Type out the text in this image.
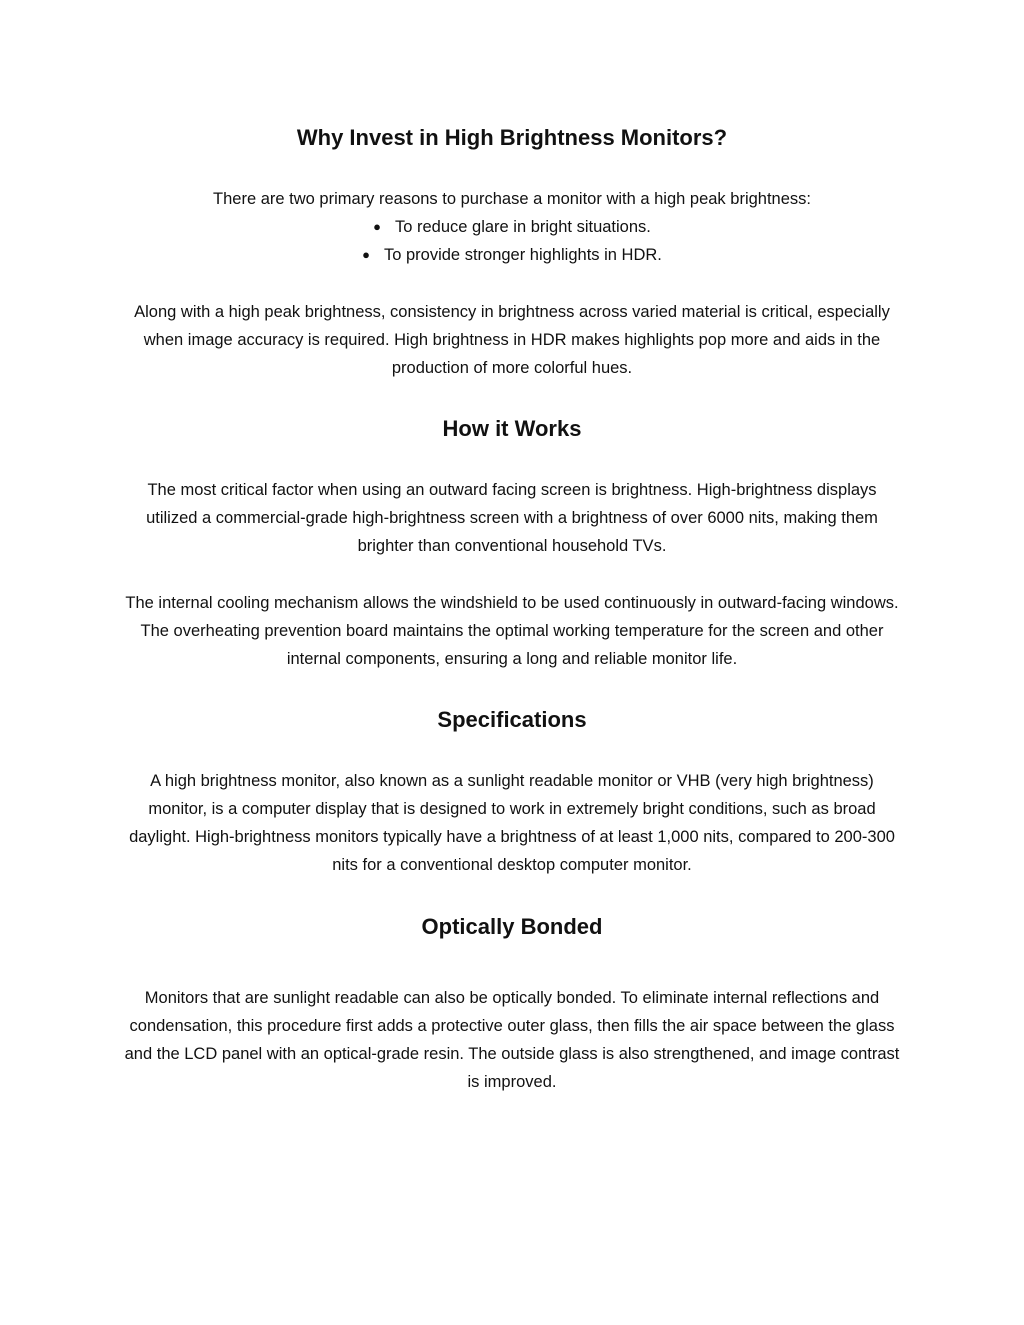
Why Invest in High Brightness Monitors?

There are two primary reasons to purchase a monitor with a high peak brightness:

● To reduce glare in bright situations.
● To provide stronger highlights in HDR.

Along with a high peak brightness, consistency in brightness across varied material is critical, especially when image accuracy is required. High brightness in HDR makes highlights pop more and aids in the production of more colorful hues.

How it Works

The most critical factor when using an outward facing screen is brightness. High-brightness displays utilized a commercial-grade high-brightness screen with a brightness of over 6000 nits, making them brighter than conventional household TVs.

The internal cooling mechanism allows the windshield to be used continuously in outward-facing windows. The overheating prevention board maintains the optimal working temperature for the screen and other internal components, ensuring a long and reliable monitor life.

Specifications

A high brightness monitor, also known as a sunlight readable monitor or VHB (very high brightness) monitor, is a computer display that is designed to work in extremely bright conditions, such as broad daylight. High-brightness monitors typically have a brightness of at least 1,000 nits, compared to 200-300 nits for a conventional desktop computer monitor.

Optically Bonded

Monitors that are sunlight readable can also be optically bonded. To eliminate internal reflections and condensation, this procedure first adds a protective outer glass, then fills the air space between the glass and the LCD panel with an optical-grade resin. The outside glass is also strengthened, and image contrast is improved.
